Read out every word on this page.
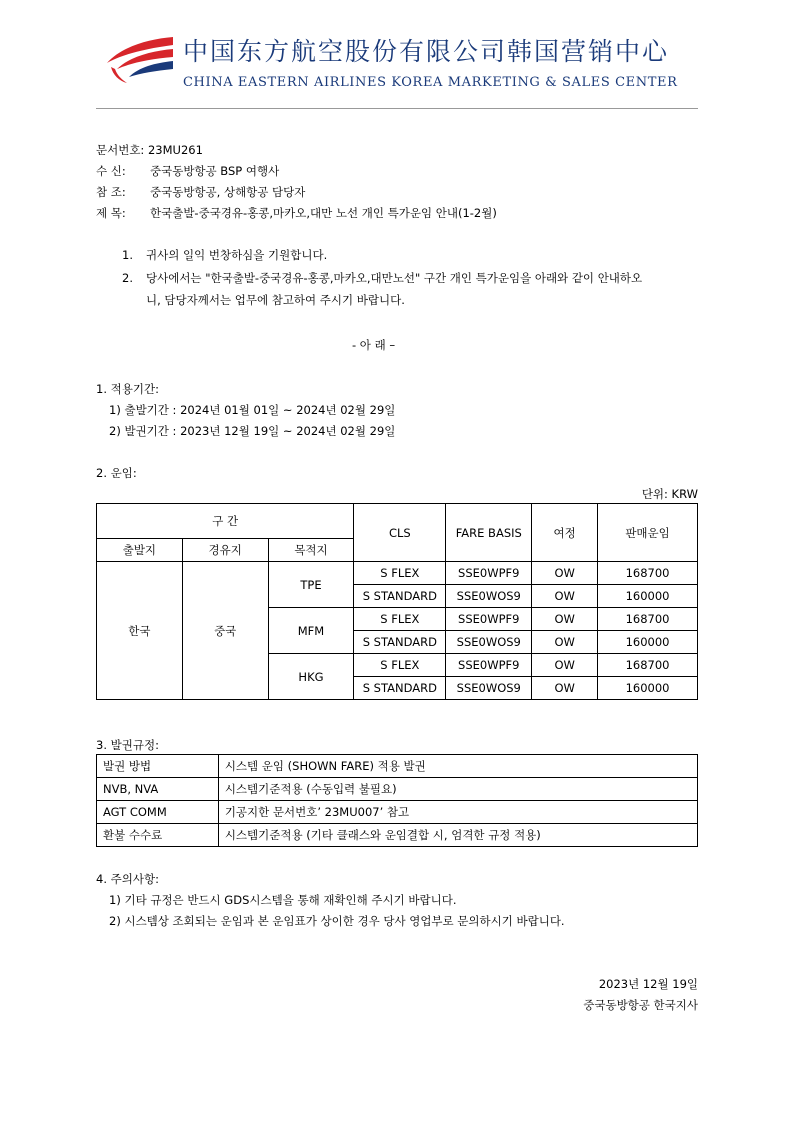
中国东方航空股份有限公司韩国营销中心
CHINA EASTERN AIRLINES KOREA MARKETING & SALES CENTER
문서번호: 23MU261
수 신: 중국동방항공 BSP 여행사
참 조: 중국동방항공, 상해항공 담당자
제 목: 한국출발-중국경유-홍콩,마카오,대만 노선 개인 특가운임 안내(1-2월)
1. 귀사의 일익 번창하심을 기원합니다.
2. 당사에서는 "한국출발-중국경유-홍콩,마카오,대만노선" 구간 개인 특가운임을 아래와 같이 안내하오
니, 담당자께서는 업무에 참고하여 주시기 바랍니다.
- 아 래 –
1. 적용기간:
1) 출발기간 : 2024년 01월 01일 ~ 2024년 02월 29일
2) 발권기간 : 2023년 12월 19일 ~ 2024년 02월 29일
2. 운임:
단위: KRW
구 간			CLS	FARE BASIS	여정	판매운임
출발지	경유지	목적지				
한국	중국	TPE	S FLEX	SSE0WPF9	OW	168700
			S STANDARD	SSE0WOS9	OW	160000
		MFM	S FLEX	SSE0WPF9	OW	168700
			S STANDARD	SSE0WOS9	OW	160000
		HKG	S FLEX	SSE0WPF9	OW	168700
			S STANDARD	SSE0WOS9	OW	160000
3. 발권규정:
발권 방법	시스템 운임 (SHOWN FARE) 적용 발권
NVB, NVA	시스템기준적용 (수동입력 불필요)
AGT COMM	기공지한 문서번호’ 23MU007’ 참고
환불 수수료	시스템기준적용 (기타 클래스와 운임결합 시, 엄격한 규정 적용)
4. 주의사항:
1) 기타 규정은 반드시 GDS시스템을 통해 재확인해 주시기 바랍니다.
2) 시스템상 조회되는 운임과 본 운임표가 상이한 경우 당사 영업부로 문의하시기 바랍니다.
2023년 12월 19일
중국동방항공 한국지사
